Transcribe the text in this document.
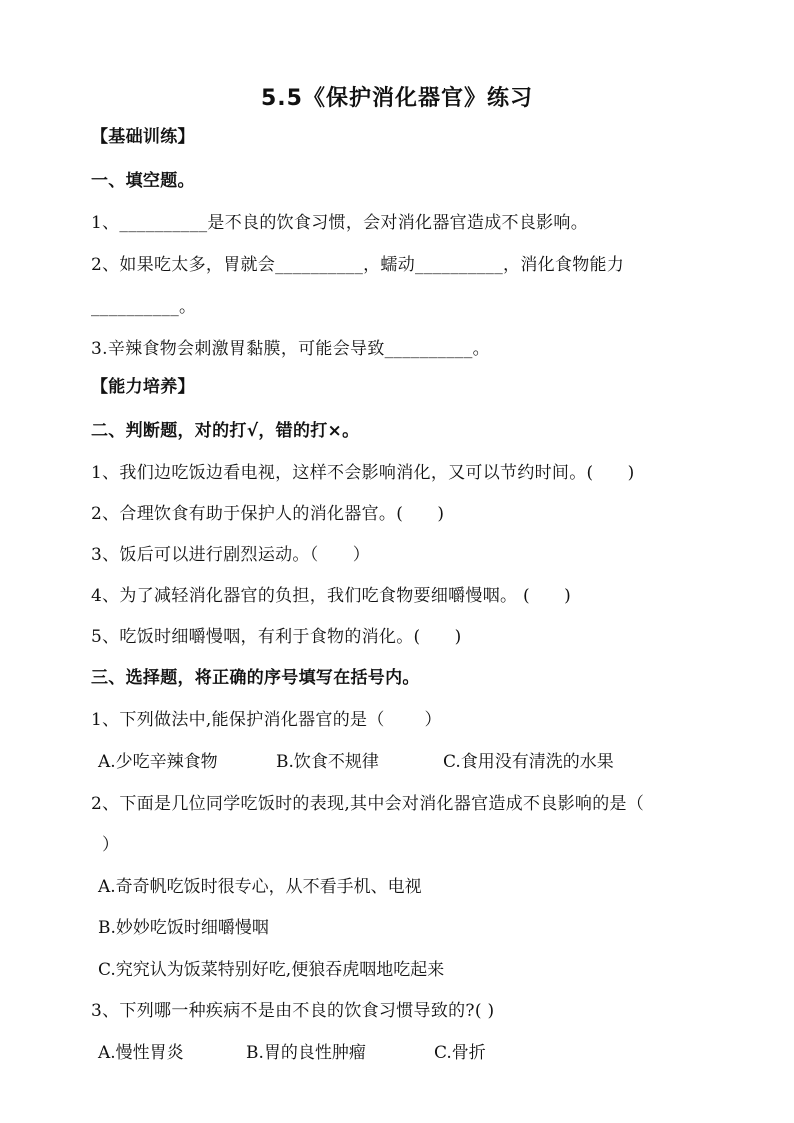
5.5《保护消化器官》练习
【基础训练】
一、填空题。
1、__________是不良的饮食习惯，会对消化器官造成不良影响。
2、如果吃太多，胃就会__________，蠕动__________，消化食物能力
__________。
3.辛辣食物会刺激胃黏膜，可能会导致__________。
【能力培养】
二、判断题，对的打√，错的打×。
1、我们边吃饭边看电视，这样不会影响消化，又可以节约时间。(      )
2、合理饮食有助于保护人的消化器官。(      )
3、饭后可以进行剧烈运动。（      ）
4、为了减轻消化器官的负担，我们吃食物要细嚼慢咽。 (      )
5、吃饭时细嚼慢咽，有利于食物的消化。(      )
三、选择题，将正确的序号填写在括号内。
1、下列做法中,能保护消化器官的是（       ）
A.少吃辛辣食物	B.饮食不规律	C.食用没有清洗的水果
2、下面是几位同学吃饭时的表现,其中会对消化器官造成不良影响的是（
）
A.奇奇帆吃饭时很专心，从不看手机、电视
B.妙妙吃饭时细嚼慢咽
C.究究认为饭菜特别好吃,便狼吞虎咽地吃起来
3、下列哪一种疾病不是由不良的饮食习惯导致的?( )
A.慢性胃炎	B.胃的良性肿瘤	C.骨折
